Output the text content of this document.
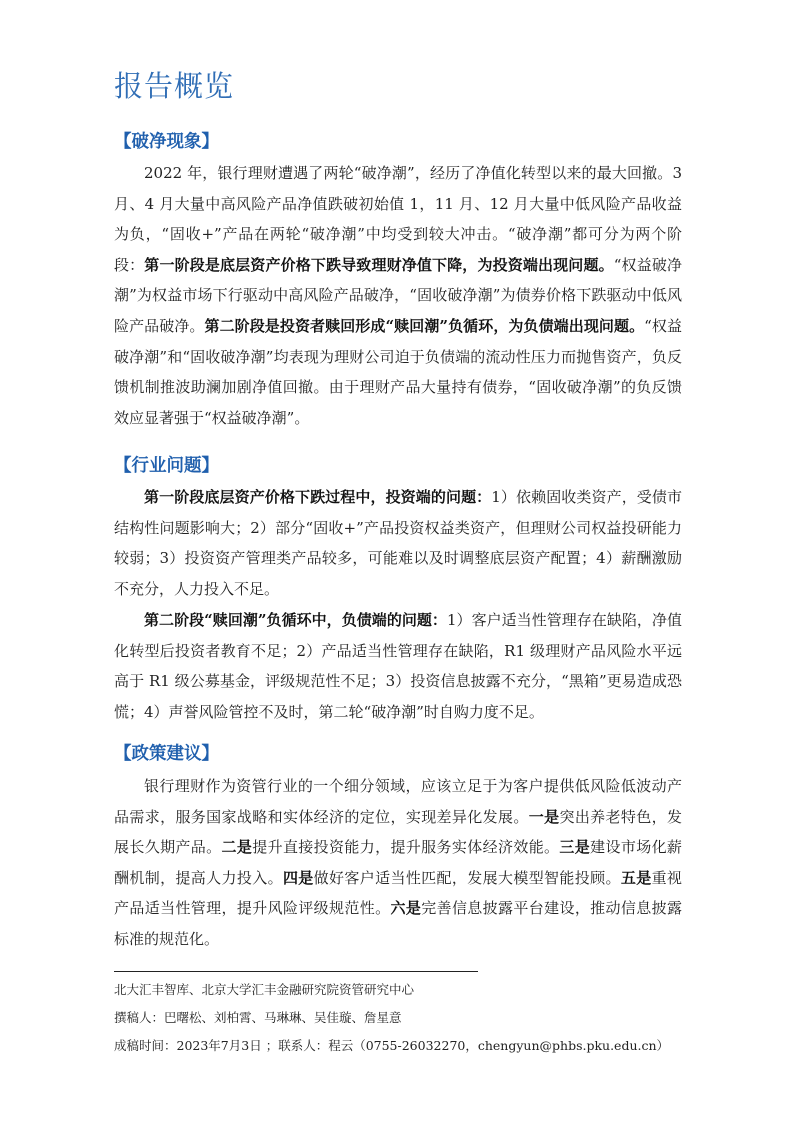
报告概览
【破净现象】

2022 年，银行理财遭遇了两轮“破净潮”，经历了净值化转型以来的最大回撤。3 月、4 月大量中高风险产品净值跌破初始值 1，11 月、12 月大量中低风险产品收益为负，“固收+”产品在两轮“破净潮”中均受到较大冲击。“破净潮”都可分为两个阶段：第一阶段是底层资产价格下跌导致理财净值下降，为投资端出现问题。“权益破净潮”为权益市场下行驱动中高风险产品破净，“固收破净潮”为债券价格下跌驱动中低风险产品破净。第二阶段是投资者赎回形成“赎回潮”负循环，为负债端出现问题。“权益破净潮”和“固收破净潮”均表现为理财公司迫于负债端的流动性压力而抛售资产，负反馈机制推波助澜加剧净值回撤。由于理财产品大量持有债券，“固收破净潮”的负反馈效应显著强于“权益破净潮”。

【行业问题】

第一阶段底层资产价格下跌过程中，投资端的问题：1）依赖固收类资产，受债市结构性问题影响大；2）部分“固收+”产品投资权益类资产，但理财公司权益投研能力较弱；3）投资资产管理类产品较多，可能难以及时调整底层资产配置；4）薪酬激励不充分，人力投入不足。

第二阶段“赎回潮”负循环中，负债端的问题：1）客户适当性管理存在缺陷，净值化转型后投资者教育不足；2）产品适当性管理存在缺陷，R1 级理财产品风险水平远高于 R1 级公募基金，评级规范性不足；3）投资信息披露不充分，“黑箱”更易造成恐慌；4）声誉风险管控不及时，第二轮“破净潮”时自购力度不足。

【政策建议】

银行理财作为资管行业的一个细分领域，应该立足于为客户提供低风险低波动产品需求，服务国家战略和实体经济的定位，实现差异化发展。一是突出养老特色，发展长久期产品。二是提升直接投资能力，提升服务实体经济效能。三是建设市场化薪酬机制，提高人力投入。四是做好客户适当性匹配，发展大模型智能投顾。五是重视产品适当性管理，提升风险评级规范性。六是完善信息披露平台建设，推动信息披露标准的规范化。

北大汇丰智库、北京大学汇丰金融研究院资管研究中心
撰稿人：巴曙松、刘柏霄、马琳琳、吴佳璇、詹星意
成稿时间：2023年7月3日 ；联系人：程云（0755-26032270，chengyun@phbs.pku.edu.cn）
